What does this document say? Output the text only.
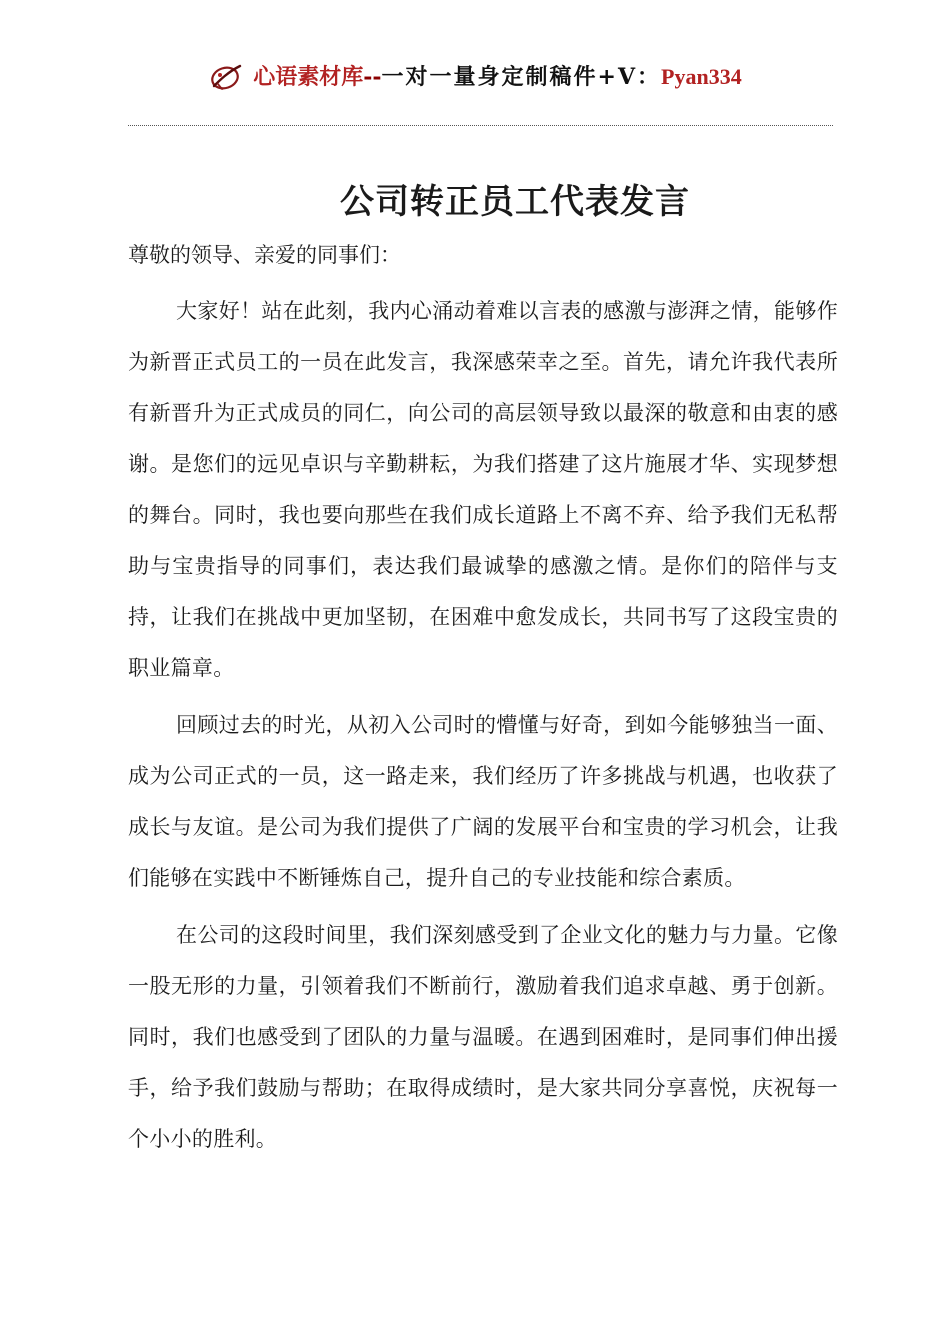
心语素材库--一对一量身定制稿件+V：Pyan334
公司转正员工代表发言

尊敬的领导、亲爱的同事们：

大家好！站在此刻，我内心涌动着难以言表的感激与澎湃之情，能够作为新晋正式员工的一员在此发言，我深感荣幸之至。首先，请允许我代表所有新晋升为正式成员的同仁，向公司的高层领导致以最深的敬意和由衷的感谢。是您们的远见卓识与辛勤耕耘，为我们搭建了这片施展才华、实现梦想的舞台。同时，我也要向那些在我们成长道路上不离不弃、给予我们无私帮助与宝贵指导的同事们，表达我们最诚挚的感激之情。是你们的陪伴与支持，让我们在挑战中更加坚韧，在困难中愈发成长，共同书写了这段宝贵的职业篇章。

回顾过去的时光，从初入公司时的懵懂与好奇，到如今能够独当一面、成为公司正式的一员，这一路走来，我们经历了许多挑战与机遇，也收获了成长与友谊。是公司为我们提供了广阔的发展平台和宝贵的学习机会，让我们能够在实践中不断锤炼自己，提升自己的专业技能和综合素质。

在公司的这段时间里，我们深刻感受到了企业文化的魅力与力量。它像一股无形的力量，引领着我们不断前行，激励着我们追求卓越、勇于创新。同时，我们也感受到了团队的力量与温暖。在遇到困难时，是同事们伸出援手，给予我们鼓励与帮助；在取得成绩时，是大家共同分享喜悦，庆祝每一个小小的胜利。
